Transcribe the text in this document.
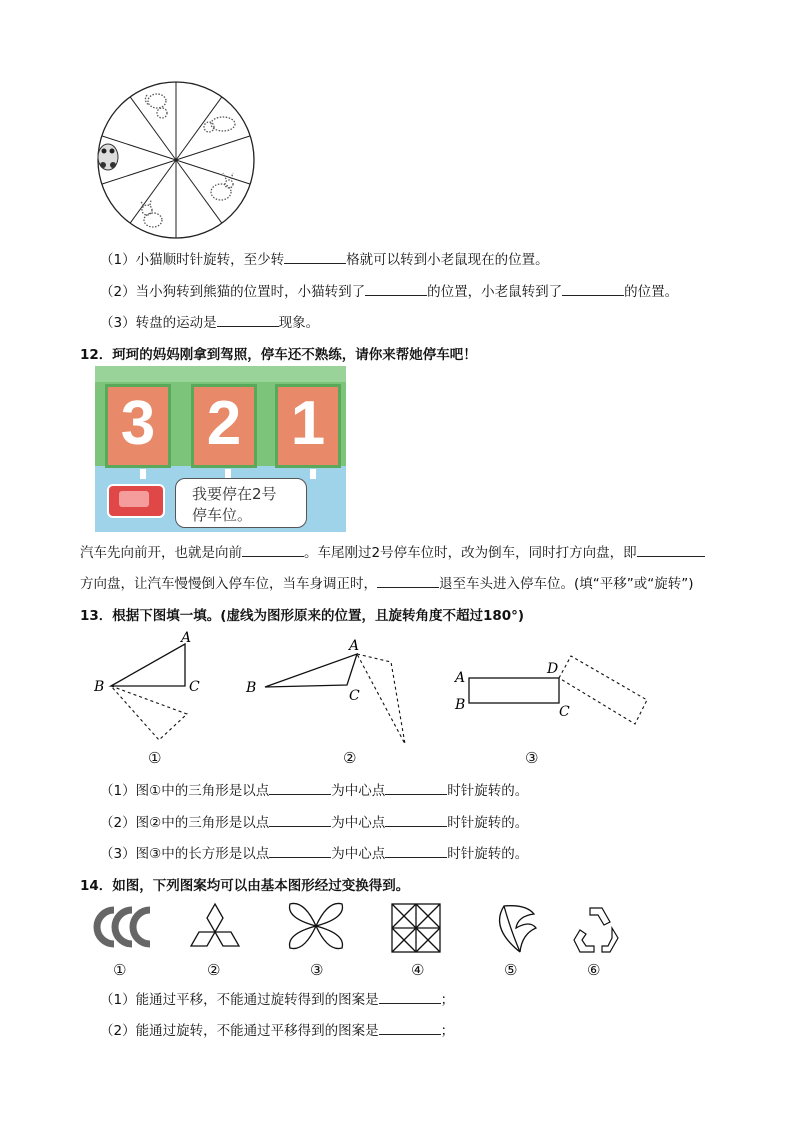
（1）小猫顺时针旋转，至少转	格就可以转到小老鼠现在的位置。
（2）当小狗转到熊猫的位置时，小猫转到了	的位置，小老鼠转到了	的位置。
（3）转盘的运动是	现象。
12．珂珂的妈妈刚拿到驾照，停车还不熟练，请你来帮她停车吧！
3 2 1
我要停在2号
停车位。
汽车先向前开，也就是向前	。车尾刚过2号停车位时，改为倒车，同时打方向盘，即
方向盘，让汽车慢慢倒入停车位，当车身调正时，	退至车头进入停车位。(填“平移”或“旋转”)
13．根据下图填一填。(虚线为图形原来的位置，且旋转角度不超过180°)
A
B	C
A
B	C
A
B	C
D
①	②	③
（1）图①中的三角形是以点	为中心点	时针旋转的。
（2）图②中的三角形是以点	为中心点	时针旋转的。
（3）图③中的长方形是以点	为中心点	时针旋转的。
14．如图，下列图案均可以由基本图形经过变换得到。
①	②	③	④	⑤	⑥
（1）能通过平移，不能通过旋转得到的图案是	；
（2）能通过旋转，不能通过平移得到的图案是	；
